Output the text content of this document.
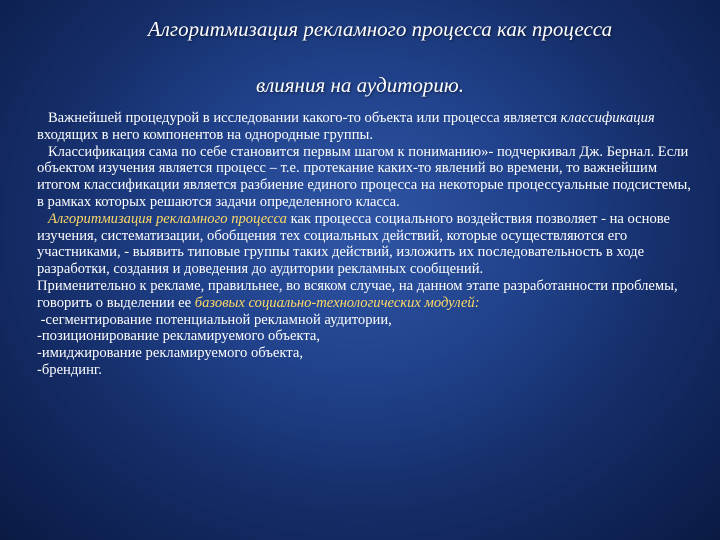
Алгоритмизация рекламного процесса как процесса
влияния на аудиторию.

Важнейшей процедурой в исследовании какого-то объекта или процесса является классификация входящих в него компонентов на однородные группы.

Классификация сама по себе становится первым шагом к пониманию»- подчеркивал Дж. Бернал. Если объектом изучения является процесс – т.е. протекание каких-то явлений во времени, то важнейшим итогом классификации является разбиение единого процесса на некоторые процессуальные подсистемы, в рамках которых решаются задачи определенного класса.

Алгоритмизация рекламного процесса как процесса социального воздействия позволяет - на основе изучения, систематизации, обобщения тех социальных действий, которые осуществляются его участниками, - выявить типовые группы таких действий, изложить их последовательность в ходе разработки, создания и доведения до аудитории рекламных сообщений.

Применительно к рекламе, правильнее, во всяком случае, на данном этапе разработанности проблемы, говорить о выделении ее базовых социально-технологических модулей:

-сегментирование потенциальной рекламной аудитории,

-позиционирование рекламируемого объекта,

-имиджирование рекламируемого объекта,

-брендинг.
